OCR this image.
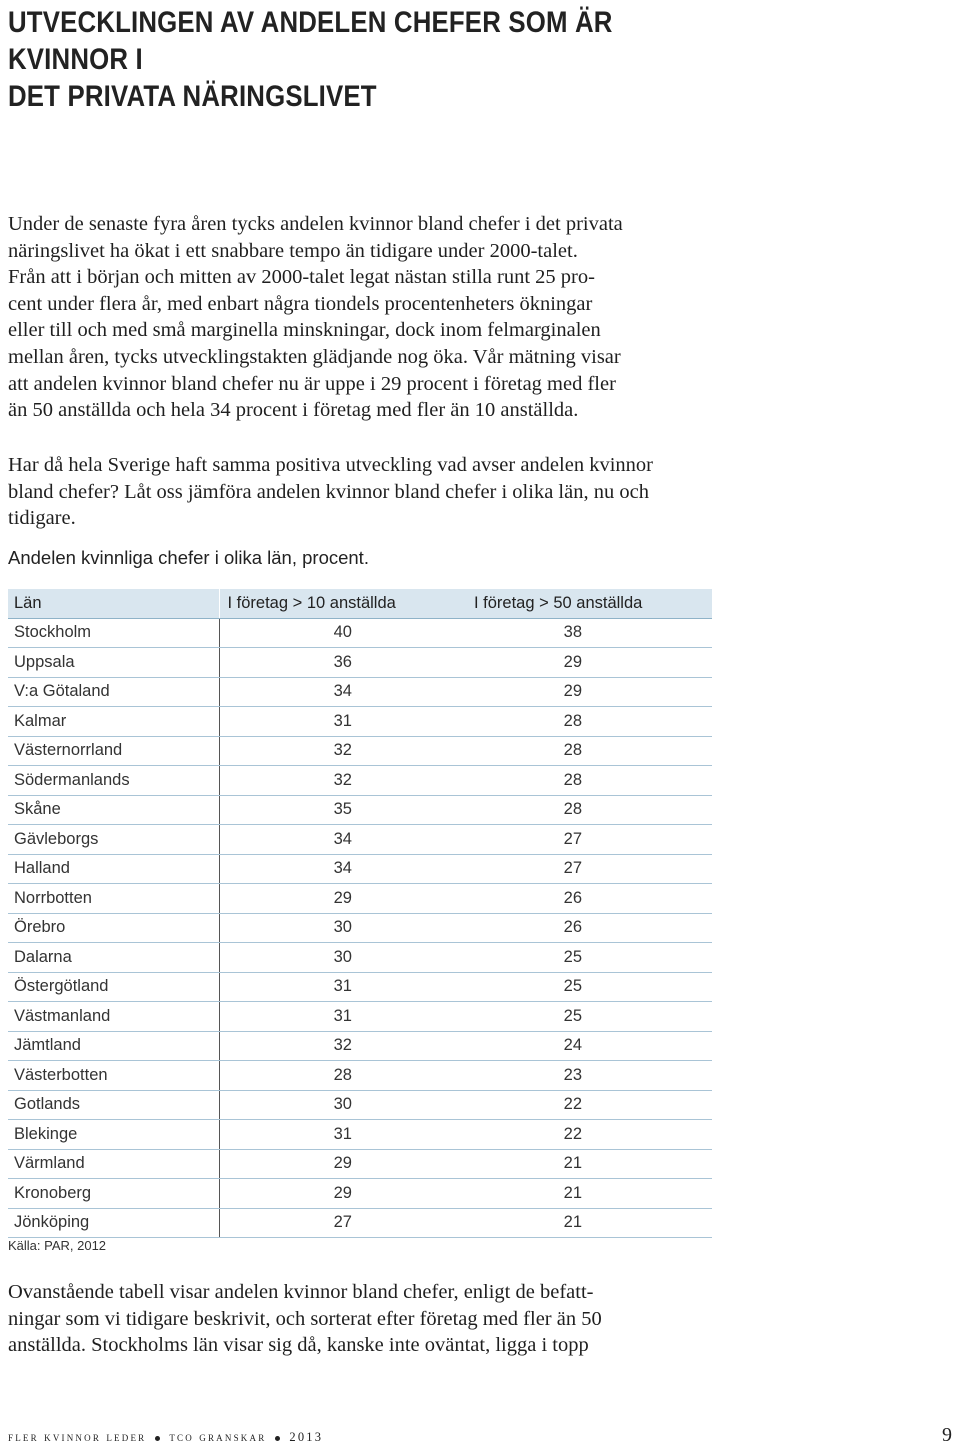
UTVECKLINGEN AV ANDELEN CHEFER SOM ÄR KVINNOR I
DET PRIVATA NÄRINGSLIVET

Under de senaste fyra åren tycks andelen kvinnor bland chefer i det privata
näringslivet ha ökat i ett snabbare tempo än tidigare under 2000-talet.
Från att i början och mitten av 2000-talet legat nästan stilla runt 25 pro-
cent under flera år, med enbart några tiondels procentenheters ökningar
eller till och med små marginella minskningar, dock inom felmarginalen
mellan åren, tycks utvecklingstakten glädjande nog öka. Vår mätning visar
att andelen kvinnor bland chefer nu är uppe i 29 procent i företag med fler
än 50 anställda och hela 34 procent i företag med fler än 10 anställda.

Har då hela Sverige haft samma positiva utveckling vad avser andelen kvinnor
bland chefer? Låt oss jämföra andelen kvinnor bland chefer i olika län, nu och
tidigare.

Andelen kvinnliga chefer i olika län, procent.

Län	I företag > 10 anställda	I företag > 50 anställda
Stockholm	40	38
Uppsala	36	29
V:a Götaland	34	29
Kalmar	31	28
Västernorrland	32	28
Södermanlands	32	28
Skåne	35	28
Gävleborgs	34	27
Halland	34	27
Norrbotten	29	26
Örebro	30	26
Dalarna	30	25
Östergötland	31	25
Västmanland	31	25
Jämtland	32	24
Västerbotten	28	23
Gotlands	30	22
Blekinge	31	22
Värmland	29	21
Kronoberg	29	21
Jönköping	27	21

Källa: PAR, 2012

Ovanstående tabell visar andelen kvinnor bland chefer, enligt de befatt-
ningar som vi tidigare beskrivit, och sorterat efter företag med fler än 50
anställda. Stockholms län visar sig då, kanske inte oväntat, ligga i topp

fler kvinnor leder tco granskar 2013	9
